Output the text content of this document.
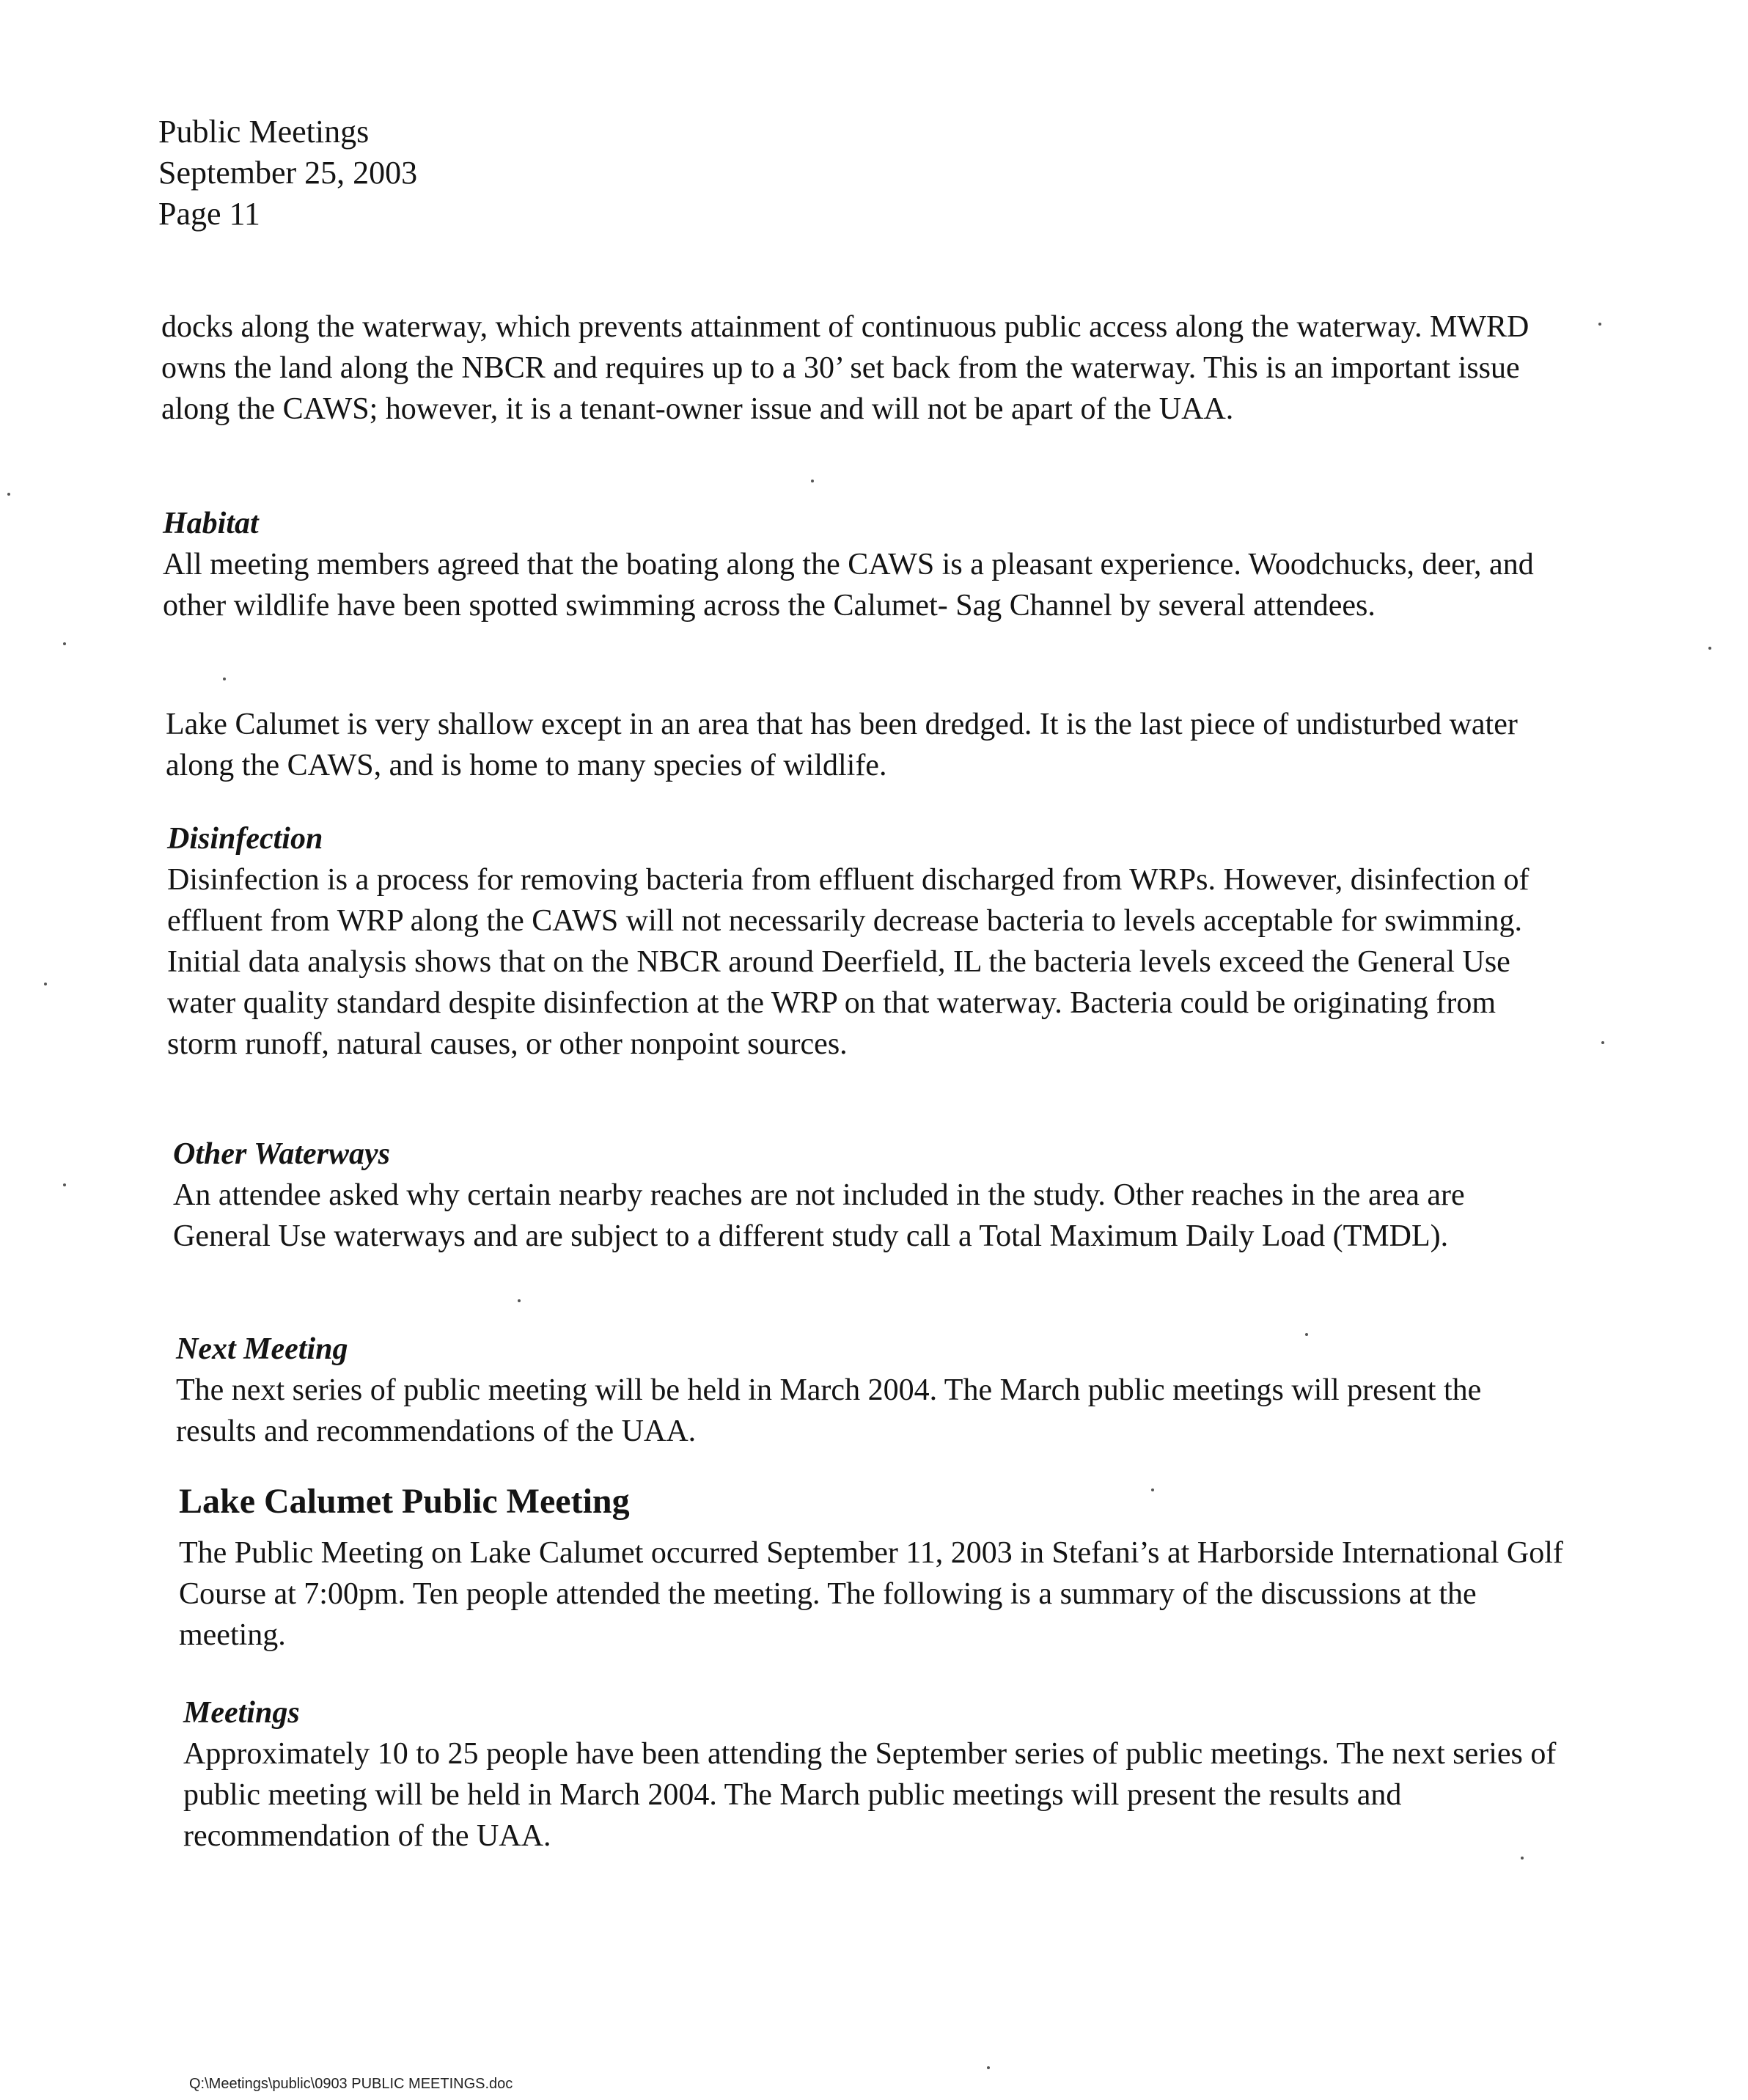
Public Meetings
September 25, 2003
Page 11

docks along the waterway, which prevents attainment of continuous public access along the waterway. MWRD owns the land along the NBCR and requires up to a 30’ set back from the waterway. This is an important issue along the CAWS; however, it is a tenant-owner issue and will not be apart of the UAA.

Habitat

All meeting members agreed that the boating along the CAWS is a pleasant experience. Woodchucks, deer, and other wildlife have been spotted swimming across the Calumet- Sag Channel by several attendees.

Lake Calumet is very shallow except in an area that has been dredged. It is the last piece of undisturbed water along the CAWS, and is home to many species of wildlife.

Disinfection

Disinfection is a process for removing bacteria from effluent discharged from WRPs. However, disinfection of effluent from WRP along the CAWS will not necessarily decrease bacteria to levels acceptable for swimming. Initial data analysis shows that on the NBCR around Deerfield, IL the bacteria levels exceed the General Use water quality standard despite disinfection at the WRP on that waterway. Bacteria could be originating from storm runoff, natural causes, or other nonpoint sources.

Other Waterways

An attendee asked why certain nearby reaches are not included in the study. Other reaches in the area are General Use waterways and are subject to a different study call a Total Maximum Daily Load (TMDL).

Next Meeting

The next series of public meeting will be held in March 2004. The March public meetings will present the results and recommendations of the UAA.

Lake Calumet Public Meeting

The Public Meeting on Lake Calumet occurred September 11, 2003 in Stefani’s at Harborside International Golf Course at 7:00pm. Ten people attended the meeting. The following is a summary of the discussions at the meeting.

Meetings

Approximately 10 to 25 people have been attending the September series of public meetings. The next series of public meeting will be held in March 2004. The March public meetings will present the results and recommendation of the UAA.

Q:\Meetings\public\0903 PUBLIC MEETINGS.doc
